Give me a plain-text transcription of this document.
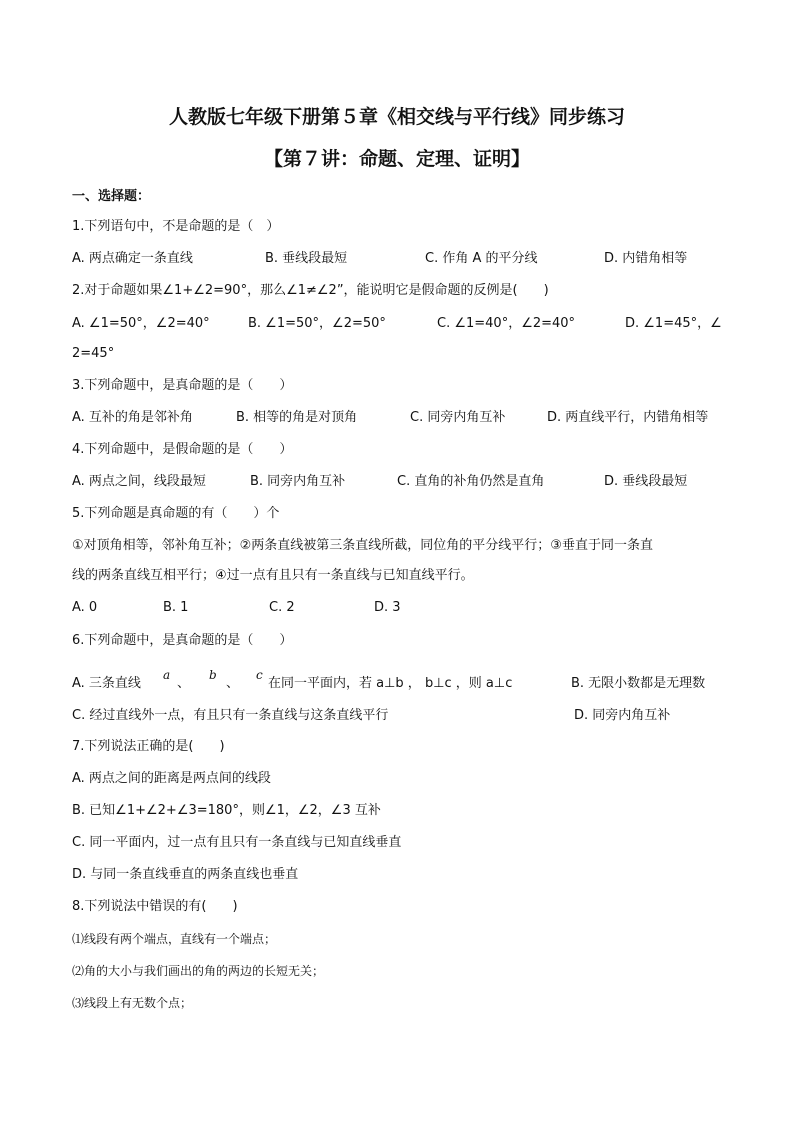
人教版七年级下册第５章《相交线与平行线》同步练习
【第７讲：命题、定理、证明】
一、选择题：
1.下列语句中，不是命题的是（　）
A. 两点确定一条直线	B. 垂线段最短	C. 作角 A 的平分线	D. 内错角相等
2.对于命题如果∠1+∠2=90°，那么∠1≠∠2”，能说明它是假命题的反例是(　　)
A. ∠1=50°，∠2=40°	B. ∠1=50°，∠2=50°	C. ∠1=40°，∠2=40°	D. ∠1=45°，∠
2=45°
3.下列命题中，是真命题的是（　　）
A. 互补的角是邻补角	B. 相等的角是对顶角	C. 同旁内角互补	D. 两直线平行，内错角相等
4.下列命题中，是假命题的是（　　）
A. 两点之间，线段最短	B. 同旁内角互补	C. 直角的补角仍然是直角	D. 垂线段最短
5.下列命题是真命题的有（　　）个
①对顶角相等，邻补角互补；②两条直线被第三条直线所截，同位角的平分线平行；③垂直于同一条直
线的两条直线互相平行；④过一点有且只有一条直线与已知直线平行。
A. 0	B. 1	C. 2	D. 3
6.下列命题中，是真命题的是（　　）
A. 三条直线
a
、
b
、
c
在同一平面内，若 a⊥b ， b⊥c ，则 a⊥c	B. 无限小数都是无理数
C. 经过直线外一点，有且只有一条直线与这条直线平行	D. 同旁内角互补
7.下列说法正确的是(　　)
A. 两点之间的距离是两点间的线段
B. 已知∠1+∠2+∠3=180°，则∠1，∠2，∠3 互补
C. 同一平面内，过一点有且只有一条直线与已知直线垂直
D. 与同一条直线垂直的两条直线也垂直
8.下列说法中错误的有(　　)
⑴线段有两个端点，直线有一个端点；
⑵角的大小与我们画出的角的两边的长短无关；
⑶线段上有无数个点；
